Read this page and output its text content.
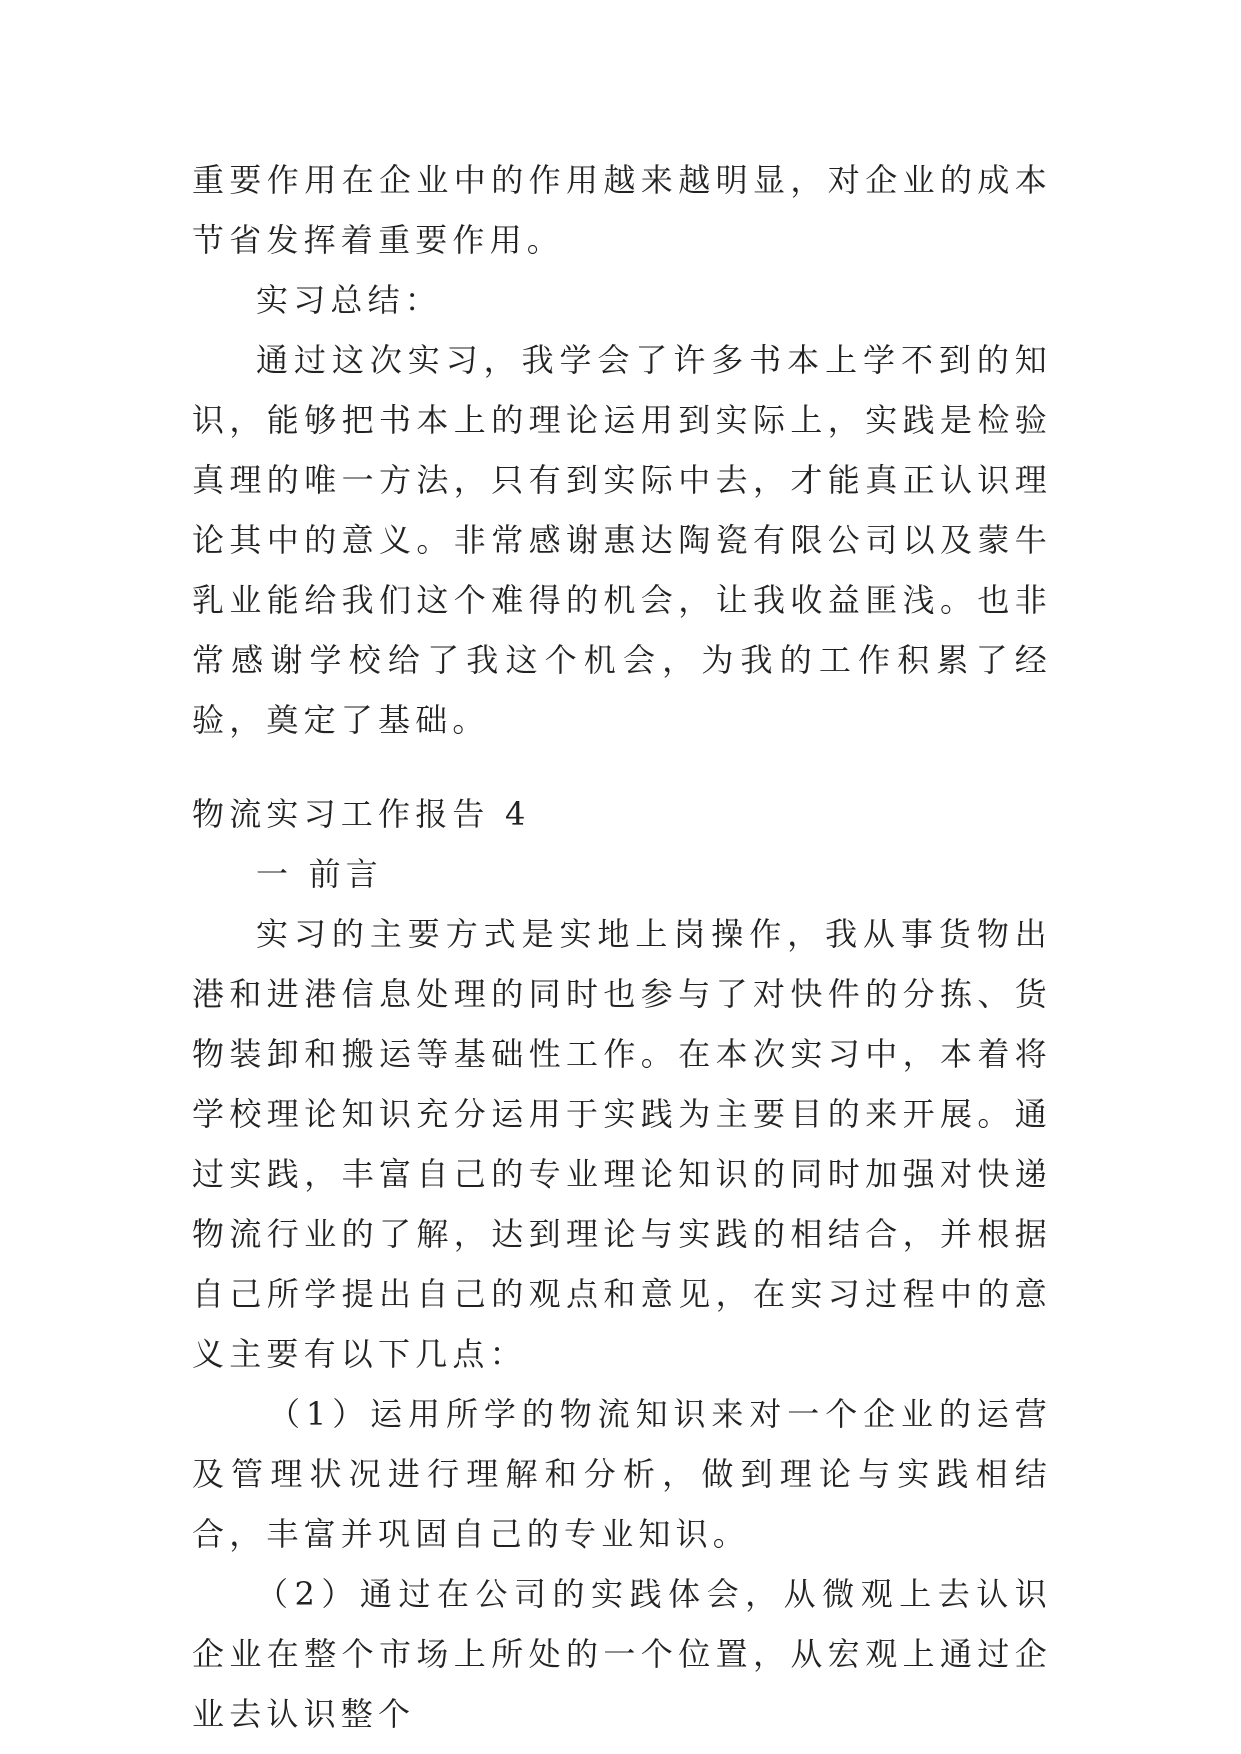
重要作用在企业中的作用越来越明显，对企业的成本节省发挥着重要作用。

实习总结：

通过这次实习，我学会了许多书本上学不到的知识，能够把书本上的理论运用到实际上，实践是检验真理的唯一方法，只有到实际中去，才能真正认识理论其中的意义。非常感谢惠达陶瓷有限公司以及蒙牛乳业能给我们这个难得的机会，让我收益匪浅。也非常感谢学校给了我这个机会，为我的工作积累了经验，奠定了基础。

物流实习工作报告 4

一 前言

实习的主要方式是实地上岗操作，我从事货物出港和进港信息处理的同时也参与了对快件的分拣、货物装卸和搬运等基础性工作。在本次实习中，本着将学校理论知识充分运用于实践为主要目的来开展。通过实践，丰富自己的专业理论知识的同时加强对快递物流行业的了解，达到理论与实践的相结合，并根据自己所学提出自己的观点和意见，在实习过程中的意义主要有以下几点：

（1）运用所学的物流知识来对一个企业的运营及管理状况进行理解和分析，做到理论与实践相结合，丰富并巩固自己的专业知识。

（2）通过在公司的实践体会，从微观上去认识企业在整个市场上所处的一个位置，从宏观上通过企业去认识整个
